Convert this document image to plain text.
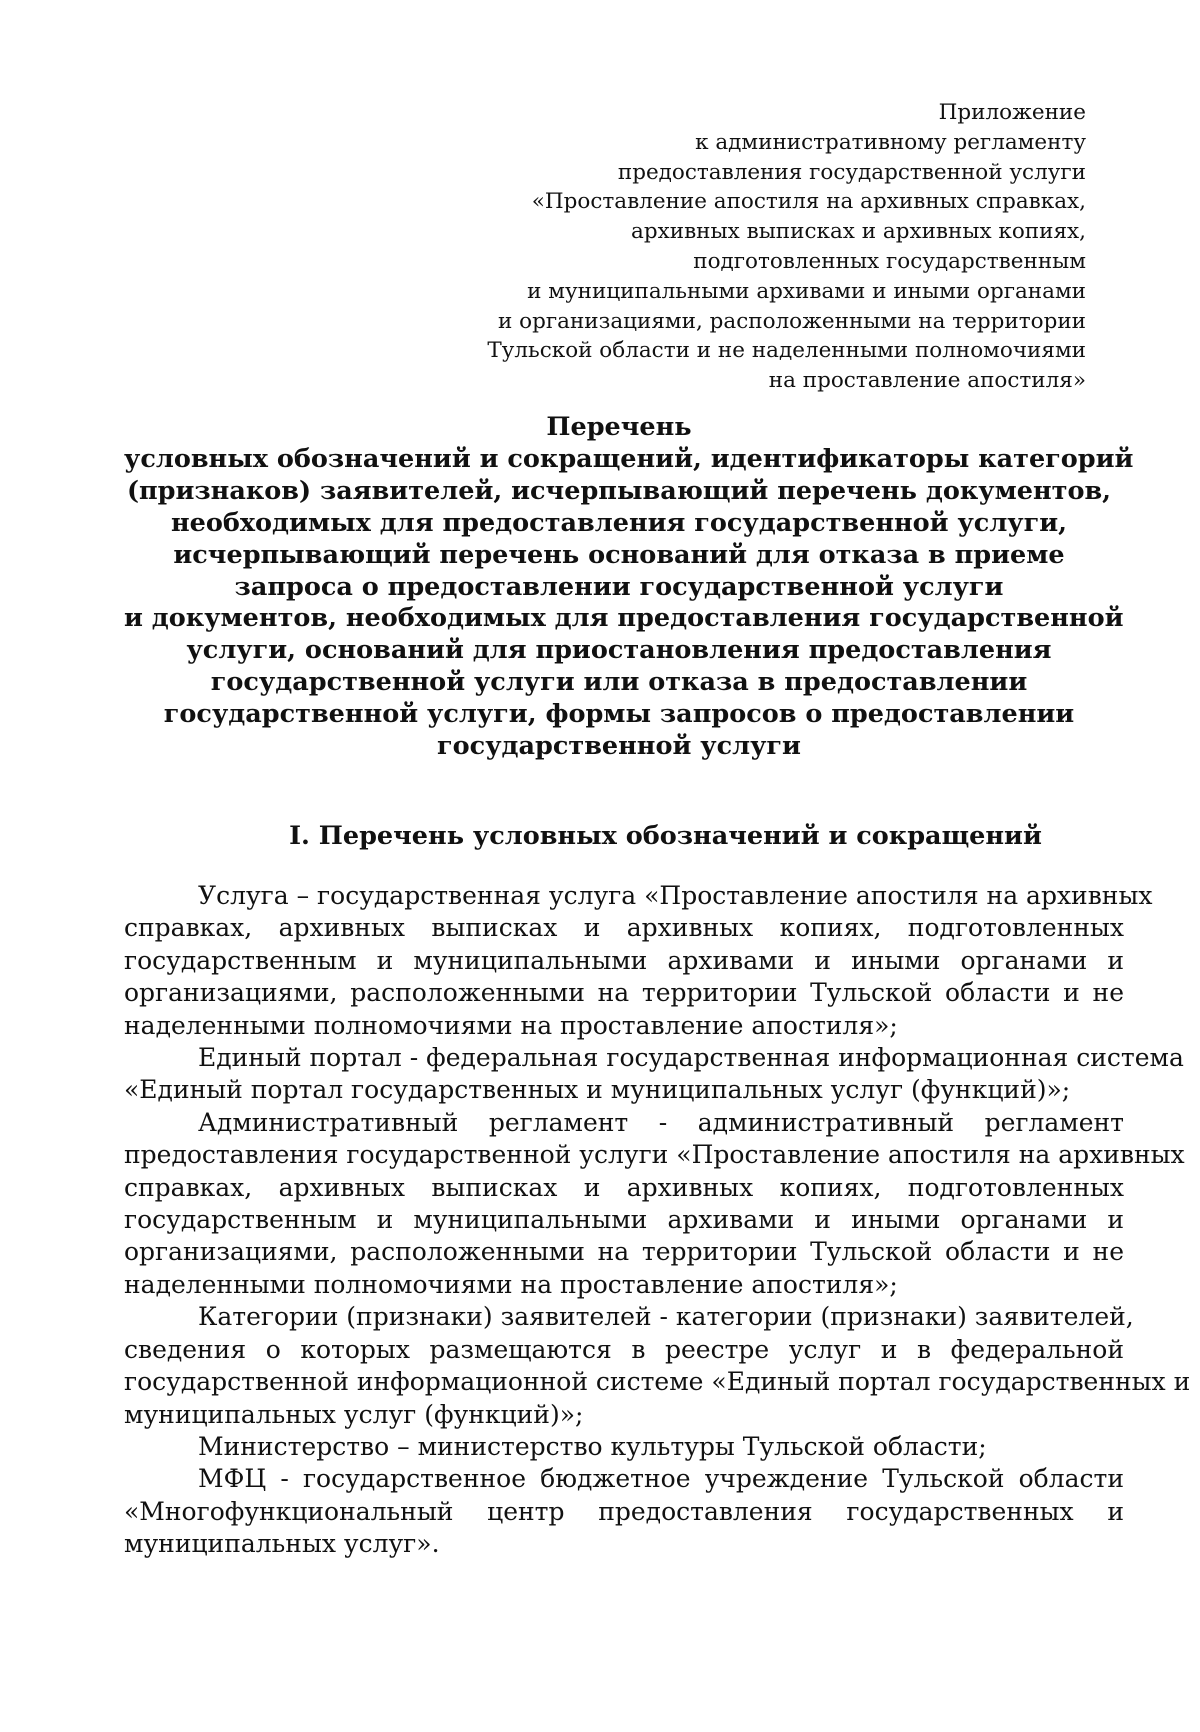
Приложение
к административному регламенту
предоставления государственной услуги
«Проставление апостиля на архивных справках,
архивных выписках и архивных копиях,
подготовленных государственным
и муниципальными архивами и иными органами
и организациями, расположенными на территории
Тульской области и не наделенными полномочиями
на проставление апостиля»
Перечень
условных обозначений и сокращений, идентификаторы категорий
(признаков) заявителей, исчерпывающий перечень документов,
необходимых для предоставления государственной услуги,
исчерпывающий перечень оснований для отказа в приеме
запроса о предоставлении государственной услуги
и документов, необходимых для предоставления государственной
услуги, оснований для приостановления предоставления
государственной услуги или отказа в предоставлении
государственной услуги, формы запросов о предоставлении
государственной услуги
I. Перечень условных обозначений и сокращений
Услуга – государственная услуга «Проставление апостиля на архивных
справках, архивных выписках и архивных копиях, подготовленных
государственным и муниципальными архивами и иными органами и
организациями, расположенными на территории Тульской области и не
наделенными полномочиями на проставление апостиля»;
Единый портал - федеральная государственная информационная система
«Единый портал государственных и муниципальных услуг (функций)»;
Административный регламент - административный регламент
предоставления государственной услуги «Проставление апостиля на архивных
справках, архивных выписках и архивных копиях, подготовленных
государственным и муниципальными архивами и иными органами и
организациями, расположенными на территории Тульской области и не
наделенными полномочиями на проставление апостиля»;
Категории (признаки) заявителей - категории (признаки) заявителей,
сведения о которых размещаются в реестре услуг и в федеральной
государственной информационной системе «Единый портал государственных и
муниципальных услуг (функций)»;
Министерство – министерство культуры Тульской области;
МФЦ - государственное бюджетное учреждение Тульской области
«Многофункциональный центр предоставления государственных и
муниципальных услуг».
